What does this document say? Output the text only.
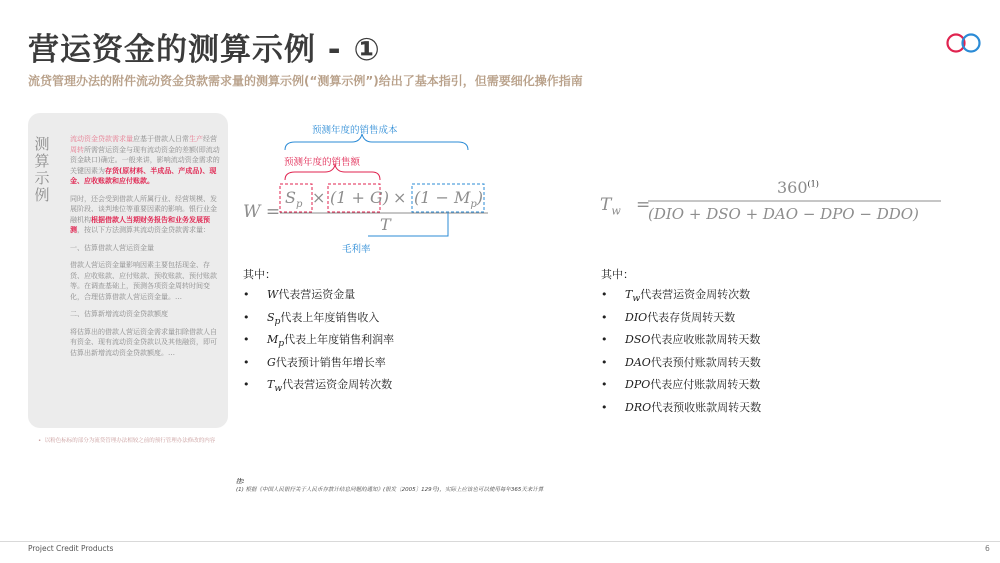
营运资金的测算示例 - ①
流贷管理办法的附件流动资金贷款需求量的测算示例(“测算示例”)给出了基本指引，但需要细化操作指南
测
算
示
例

流动资金贷款需求量应基于借款人日常生产经营周转所需营运资金与现有流动资金的差额(即流动资金缺口)确定。一般来讲，影响流动资金需求的关键因素为存货(原材料、半成品、产成品)、现金、应收账款和应付账款。

同时，还会受到借款人所属行业、经营规模、发展阶段、谈判地位等重要因素的影响。银行业金融机构根据借款人当期财务报告和业务发展预测，按以下方法测算其流动资金贷款需求量：

一、估算借款人营运资金量

借款人营运资金量影响因素主要包括现金、存货、应收账款、应付账款、预收账款、预付账款等。在调查基础上，预测各项资金周转时间变化，合理估算借款人营运资金量。…

二、估算新增流动资金贷款额度

将估算出的借款人营运资金需求量扣除借款人自有资金、现有流动资金贷款以及其他融资，即可估算出新增流动资金贷款额度。…

•  以粉色标标的部分为流贷管理办法相较之前的预行管理办法修改的内容
预测年度的销售成本
预测年度的销售额
毛利率
W =
$S_p \times (1 + G) \times (1 - M_p)$
T
$T_w$ =
$360^{(1)}$
(DIO + DSO + DAO − DPO − DDO)
其中：
• W代表营运资金量
• $S_p$代表上年度销售收入
• $M_p$代表上年度销售利润率
• G代表预计销售年增长率
• $T_w$代表营运资金周转次数
其中：
• $T_w$代表营运资金周转次数
• DIO代表存货周转天数
• DSO代表应收账款周转天数
• DAO代表预付账款周转天数
• DPO代表应付账款周转天数
• DRO代表预收账款周转天数
注:
(1) 根据《中国人民银行关于人民币存款计结息问题的通知》(银发〔2005〕129号)，实际上应该也可以使用每年365天来计算
Project Credit Products	6
